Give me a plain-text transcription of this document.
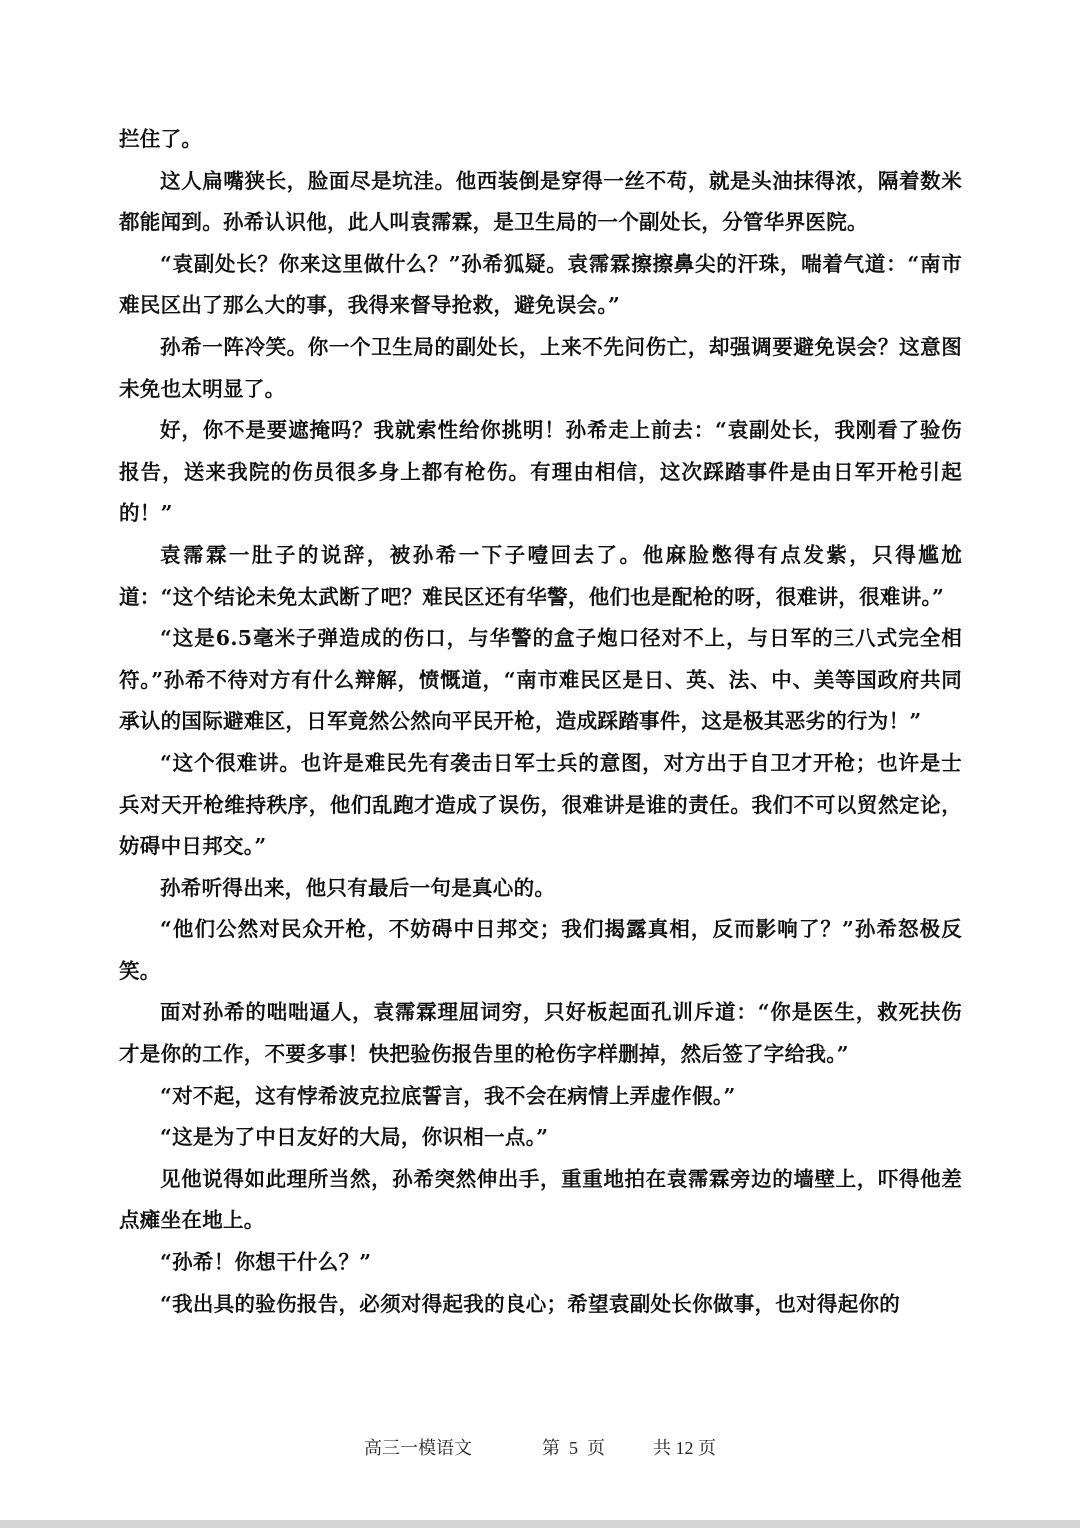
拦住了。

这人扁嘴狭长，脸面尽是坑洼。他西装倒是穿得一丝不苟，就是头油抹得浓，隔着数米都能闻到。孙希认识他，此人叫袁霈霖，是卫生局的一个副处长，分管华界医院。

“袁副处长？你来这里做什么？”孙希狐疑。袁霈霖擦擦鼻尖的汗珠，喘着气道：“南市难民区出了那么大的事，我得来督导抢救，避免误会。”

孙希一阵冷笑。你一个卫生局的副处长，上来不先问伤亡，却强调要避免误会？这意图未免也太明显了。

好，你不是要遮掩吗？我就索性给你挑明！孙希走上前去：“袁副处长，我刚看了验伤报告，送来我院的伤员很多身上都有枪伤。有理由相信，这次踩踏事件是由日军开枪引起的！”

袁霈霖一肚子的说辞，被孙希一下子噎回去了。他麻脸憋得有点发紫，只得尴尬道：“这个结论未免太武断了吧？难民区还有华警，他们也是配枪的呀，很难讲，很难讲。”

“这是6.5毫米子弹造成的伤口，与华警的盒子炮口径对不上，与日军的三八式完全相符。”孙希不待对方有什么辩解，愤慨道，“南市难民区是日、英、法、中、美等国政府共同承认的国际避难区，日军竟然公然向平民开枪，造成踩踏事件，这是极其恶劣的行为！”

“这个很难讲。也许是难民先有袭击日军士兵的意图，对方出于自卫才开枪；也许是士兵对天开枪维持秩序，他们乱跑才造成了误伤，很难讲是谁的责任。我们不可以贸然定论，妨碍中日邦交。”

孙希听得出来，他只有最后一句是真心的。

“他们公然对民众开枪，不妨碍中日邦交；我们揭露真相，反而影响了？”孙希怒极反笑。

面对孙希的咄咄逼人，袁霈霖理屈词穷，只好板起面孔训斥道：“你是医生，救死扶伤才是你的工作，不要多事！快把验伤报告里的枪伤字样删掉，然后签了字给我。”

“对不起，这有悖希波克拉底誓言，我不会在病情上弄虚作假。”

“这是为了中日友好的大局，你识相一点。”

见他说得如此理所当然，孙希突然伸出手，重重地拍在袁霈霖旁边的墙壁上，吓得他差点瘫坐在地上。

“孙希！你想干什么？”

“我出具的验伤报告，必须对得起我的良心；希望袁副处长你做事，也对得起你的

高三一模语文	第  5  页	共 12 页
